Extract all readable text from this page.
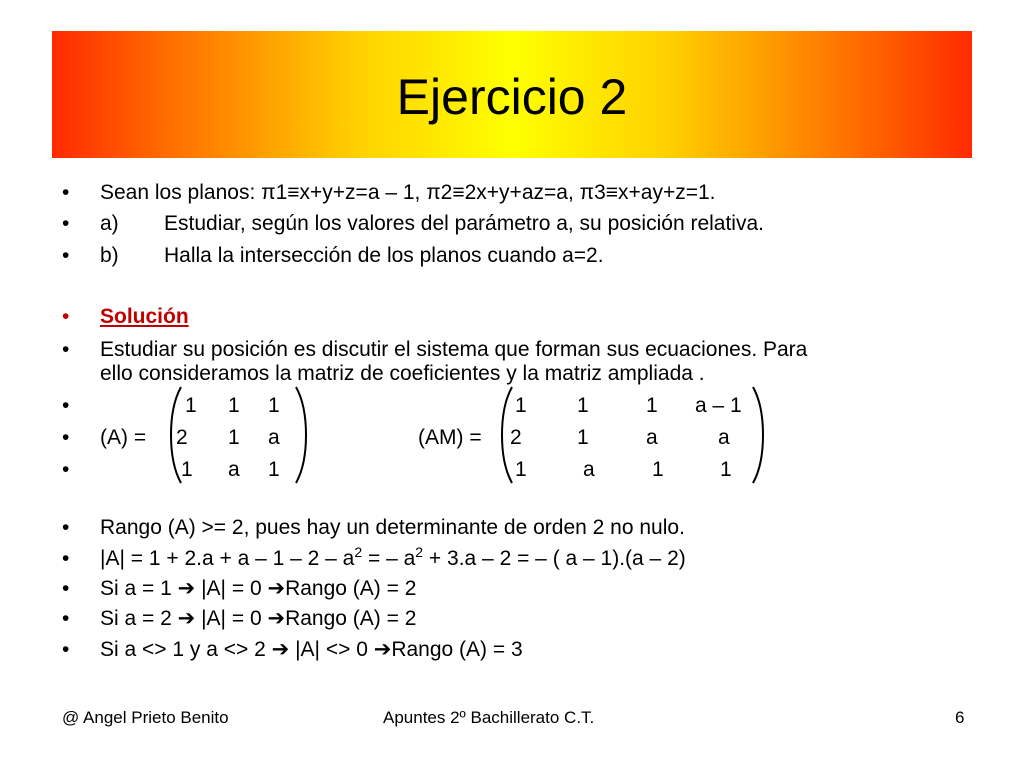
Ejercicio 2
• Sean los planos: π1≡x+y+z=a – 1, π2≡2x+y+az=a, π3≡x+ay+z=1.
• a) Estudiar, según los valores del parámetro a, su posición relativa.
• b) Halla la intersección de los planos cuando a=2.
• Solución
• Estudiar su posición es discutir el sistema que forman sus ecuaciones. Para
ello consideramos la matriz de coeficientes y la matriz ampliada .
•
•
•
(A) =
1 1 1
2 1 a
1 a 1
(AM) =
1 1	1 a – 1
2	1	a	a
1	a	1	1
• Rango (A) >= 2, pues hay un determinante de orden 2 no nulo.
• $|A| = 1 + 2.a + a - 1 - 2 - a^2$ = – $a^2 + 3.a - 2$ = – ( a – 1).(a – 2)
• Si a = 1 ➔ |A| = 0 ➔Rango (A) = 2
• Si a = 2 ➔ |A| = 0 ➔Rango (A) = 2
• Si a <> 1 y a <> 2 ➔ |A| <> 0 ➔Rango (A) = 3
@ Angel Prieto Benito	Apuntes 2º Bachillerato C.T.	6
